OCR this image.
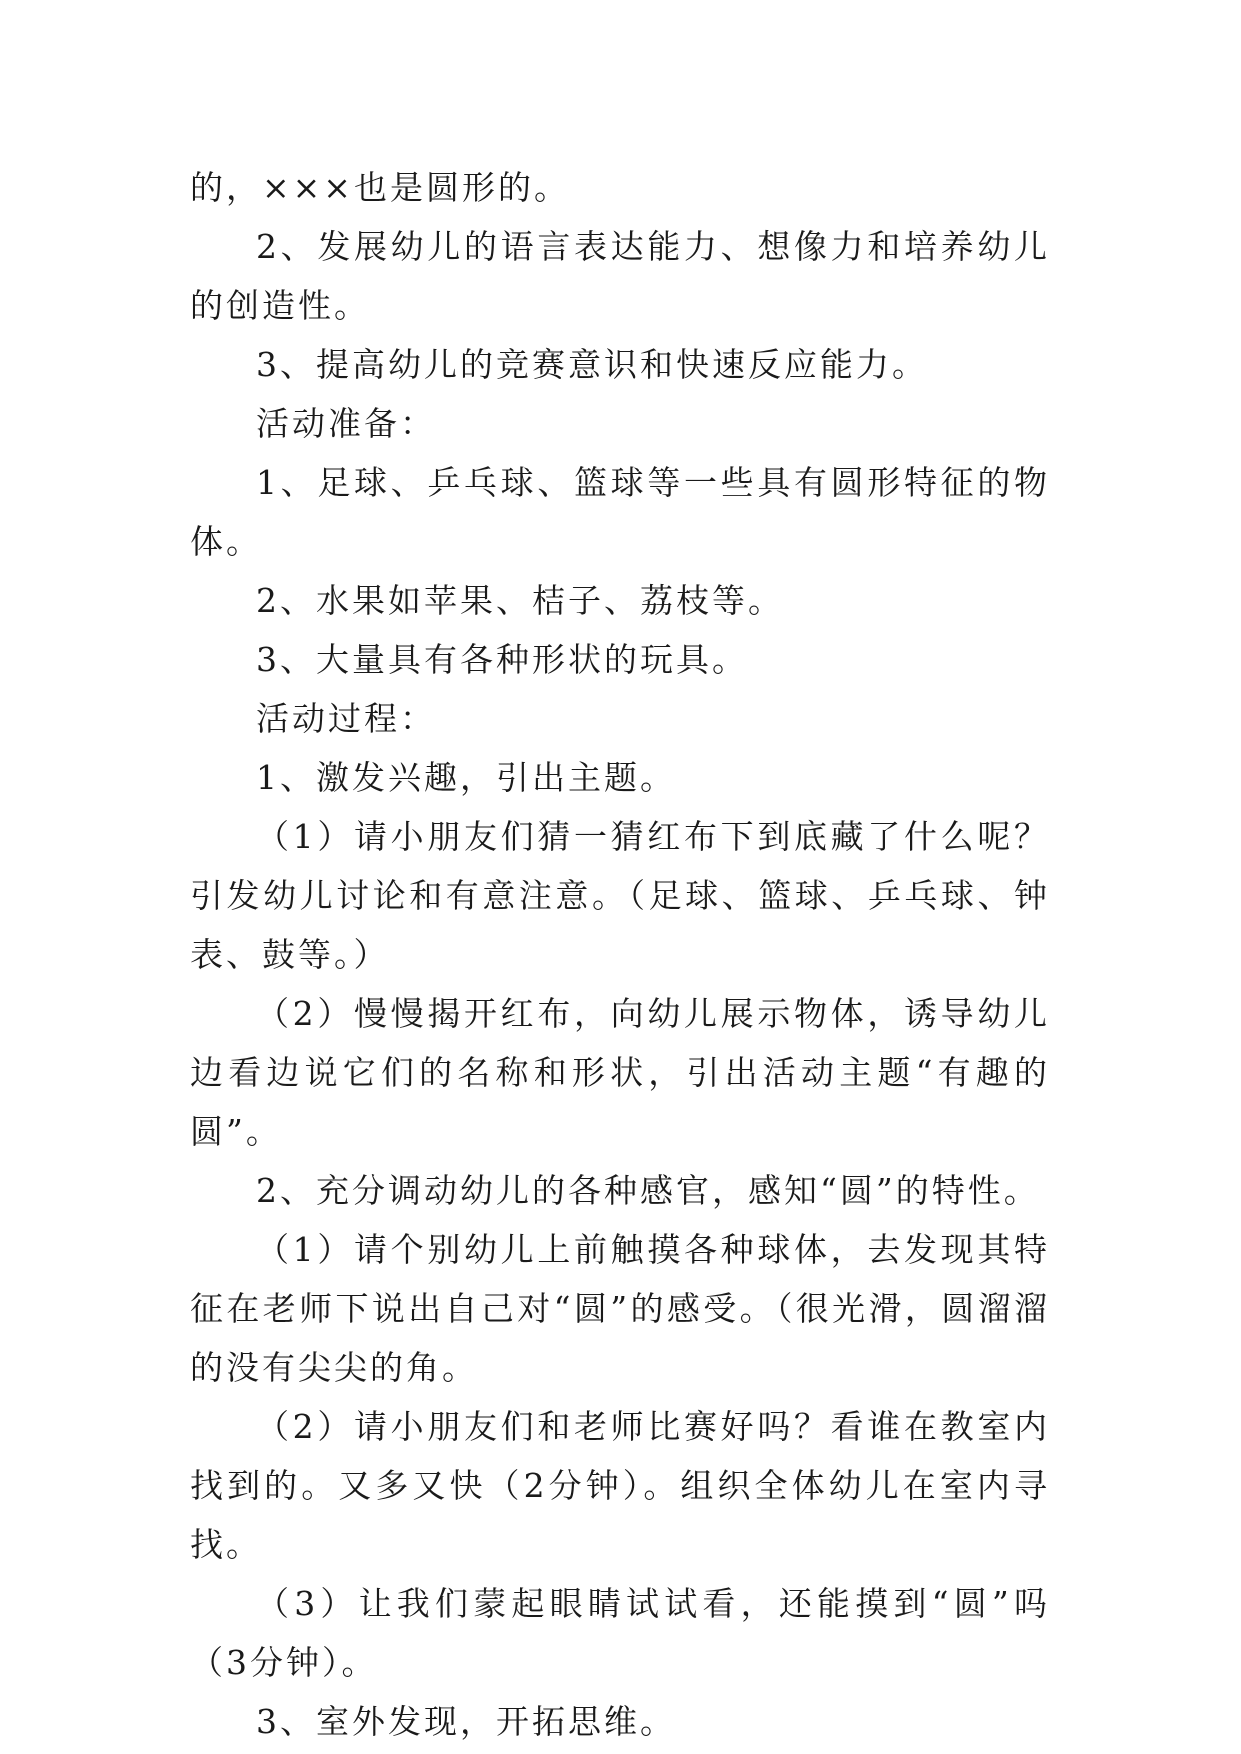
的，×××也是圆形的。

2、发展幼儿的语言表达能力、想像力和培养幼儿的创造性。

3、提高幼儿的竞赛意识和快速反应能力。

活动准备：

1、足球、乒乓球、篮球等一些具有圆形特征的物体。

2、水果如苹果、桔子、荔枝等。

3、大量具有各种形状的玩具。

活动过程：

1、激发兴趣，引出主题。

（1）请小朋友们猜一猜红布下到底藏了什么呢？引发幼儿讨论和有意注意。（足球、篮球、乒乓球、钟表、鼓等。）

（2）慢慢揭开红布，向幼儿展示物体，诱导幼儿边看边说它们的名称和形状，引出活动主题“有趣的圆”。

2、充分调动幼儿的各种感官，感知“圆”的特性。

（1）请个别幼儿上前触摸各种球体，去发现其特征在老师下说出自己对“圆”的感受。（很光滑，圆溜溜的没有尖尖的角。

（2）请小朋友们和老师比赛好吗？看谁在教室内找到的。又多又快（2分钟）。组织全体幼儿在室内寻找。

（3）让我们蒙起眼睛试试看，还能摸到“圆”吗（3分钟）。

3、室外发现，开拓思维。
